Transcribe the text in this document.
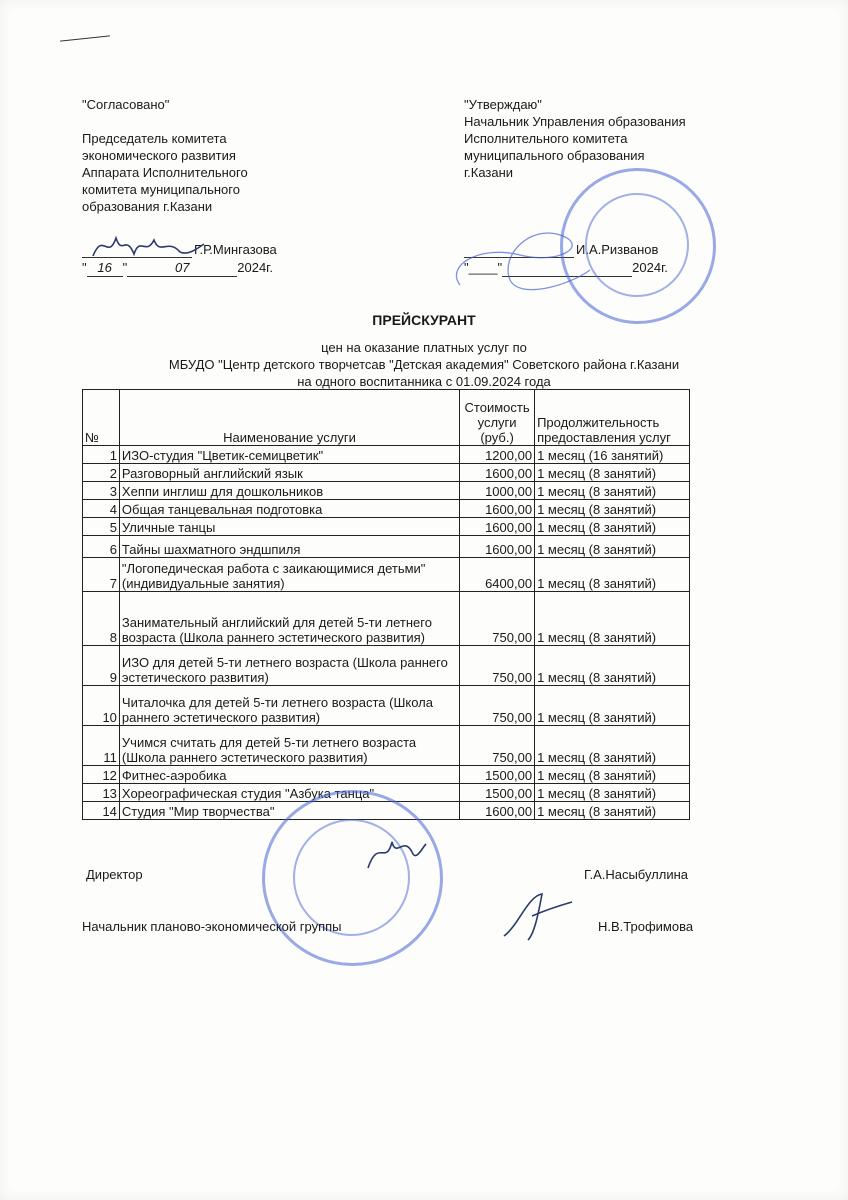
"Согласовано"
Председатель комитета
экономического развития
Аппарата Исполнительного
комитета муниципального
образования г.Казани
Г.Р.Мингазова
" 16 "	07	2024г.
"Утверждаю"
Начальник Управления образования
Исполнительного комитета
муниципального образования
г.Казани
И.А.Ризванов
"____"	2024г.
ПРЕЙСКУРАНТ
цен на оказание платных услуг по
МБУДО "Центр детского творчетсав "Детская академия" Советского района г.Казани
на одного воспитанника с 01.09.2024 года
№	Наименование услуги	Стоимость услуги (руб.)	Продолжительность предоставления услуг
1	ИЗО-студия "Цветик-семицветик"	1200,00	1 месяц (16 занятий)
2	Разговорный английский язык	1600,00	1 месяц (8 занятий)
3	Хеппи инглиш для дошкольников	1000,00	1 месяц (8 занятий)
4	Общая танцевальная подготовка	1600,00	1 месяц (8 занятий)
5	Уличные танцы	1600,00	1 месяц (8 занятий)
6	Тайны шахматного эндшпиля	1600,00	1 месяц (8 занятий)
7	"Логопедическая работа с заикающимися детьми" (индивидуальные занятия)	6400,00	1 месяц (8 занятий)
8	Занимательный английский для детей 5-ти летнего возраста (Школа раннего эстетического развития)	750,00	1 месяц (8 занятий)
9	ИЗО для детей 5-ти летнего возраста (Школа раннего эстетического развития)	750,00	1 месяц (8 занятий)
10	Читалочка для детей 5-ти летнего возраста (Школа раннего эстетического развития)	750,00	1 месяц (8 занятий)
11	Учимся считать для детей 5-ти летнего возраста (Школа раннего эстетического развития)	750,00	1 месяц (8 занятий)
12	Фитнес-аэробика	1500,00	1 месяц (8 занятий)
13	Хореографическая студия "Азбука танца"	1500,00	1 месяц (8 занятий)
14	Студия "Мир творчества"	1600,00	1 месяц (8 занятий)
Директор	Г.А.Насыбуллина
Начальник планово-экономической группы	Н.В.Трофимова
